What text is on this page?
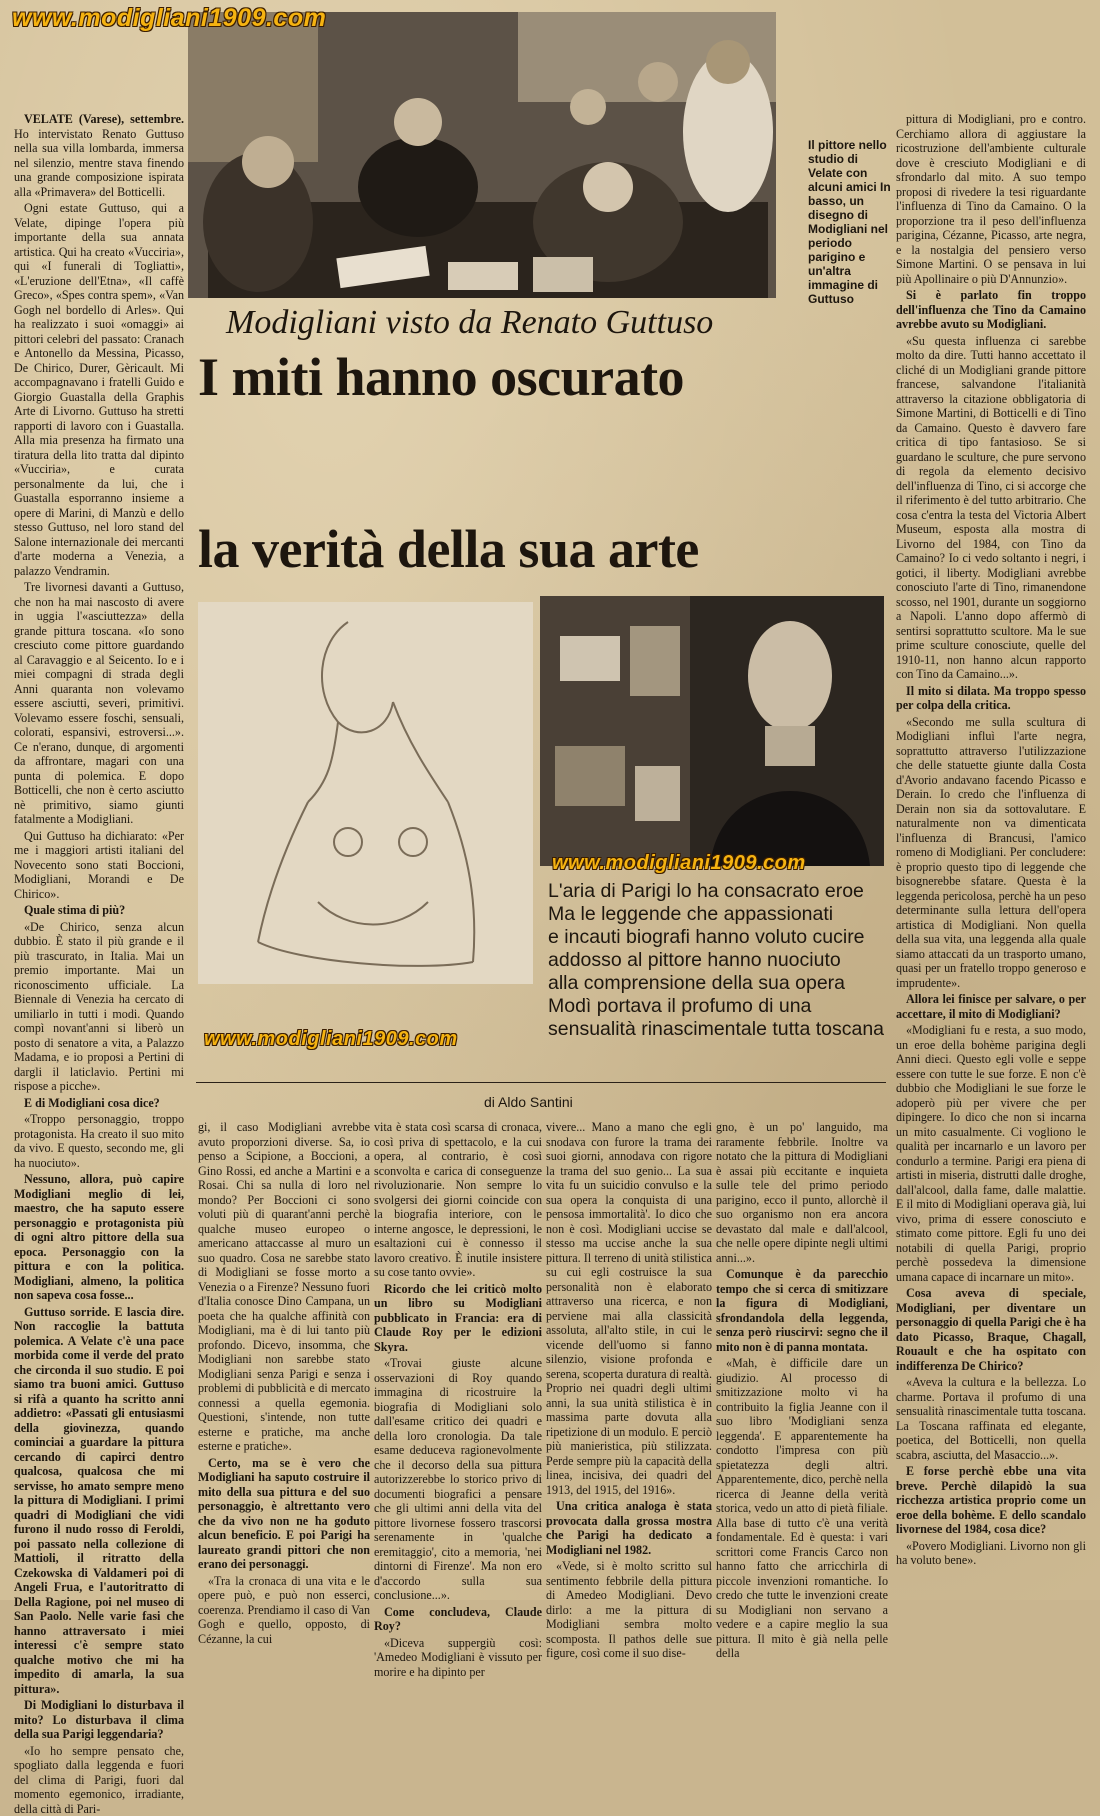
Il pittore nello studio di Velate con alcuni amici In basso, un disegno di Modigliani nel periodo parigino e un'altra immagine di Guttuso

VELATE (Varese), settembre. Ho intervistato Renato Guttuso nella sua villa lombarda, immersa nel silenzio, mentre stava finendo una grande composizione ispirata alla «Primavera» del Botticelli.

Ogni estate Guttuso, qui a Velate, dipinge l'opera più importante della sua annata artistica. Qui ha creato «Vucciria», qui «I funerali di Togliatti», «L'eruzione dell'Etna», «Il caffè Greco», «Spes contra spem», «Van Gogh nel bordello di Arles». Qui ha realizzato i suoi «omaggi» ai pittori celebri del passato: Cranach e Antonello da Messina, Picasso, De Chirico, Durer, Gèricault. Mi accompagnavano i fratelli Guido e Giorgio Guastalla della Graphis Arte di Livorno. Guttuso ha stretti rapporti di lavoro con i Guastalla. Alla mia presenza ha firmato una tiratura della lito tratta dal dipinto «Vucciria», e curata personalmente da lui, che i Guastalla esporranno insieme a opere di Marini, di Manzù e dello stesso Guttuso, nel loro stand del Salone internazionale dei mercanti d'arte moderna a Venezia, a palazzo Vendramin.

Tre livornesi davanti a Guttuso, che non ha mai nascosto di avere in uggia l'«asciuttezza» della grande pittura toscana. «Io sono cresciuto come pittore guardando al Caravaggio e al Seicento. Io e i miei compagni di strada degli Anni quaranta non volevamo essere asciutti, severi, primitivi. Volevamo essere foschi, sensuali, colorati, espansivi, estroversi...». Ce n'erano, dunque, di argomenti da affrontare, magari con una punta di polemica. E dopo Botticelli, che non è certo asciutto nè primitivo, siamo giunti fatalmente a Modigliani.

Qui Guttuso ha dichiarato: «Per me i maggiori artisti italiani del Novecento sono stati Boccioni, Modigliani, Morandi e De Chirico».

Quale stima di più?

«De Chirico, senza alcun dubbio. È stato il più grande e il più trascurato, in Italia. Mai un premio importante. Mai un riconoscimento ufficiale. La Biennale di Venezia ha cercato di umiliarlo in tutti i modi. Quando compì novant'anni si liberò un posto di senatore a vita, a Palazzo Madama, e io proposi a Pertini di dargli il laticlavio. Pertini mi rispose a picche».

E di Modigliani cosa dice?

«Troppo personaggio, troppo protagonista. Ha creato il suo mito da vivo. E questo, secondo me, gli ha nuociuto».

Nessuno, allora, può capire Modigliani meglio di lei, maestro, che ha saputo essere personaggio e protagonista più di ogni altro pittore della sua epoca. Personaggio con la pittura e con la politica. Modigliani, almeno, la politica non sapeva cosa fosse...

Guttuso sorride. E lascia dire. Non raccoglie la battuta polemica. A Velate c'è una pace morbida come il verde del prato che circonda il suo studio. E poi siamo tra buoni amici. Guttuso si rifà a quanto ha scritto anni addietro: «Passati gli entusiasmi della giovinezza, quando cominciai a guardare la pittura cercando di capirci dentro qualcosa, qualcosa che mi servisse, ho amato sempre meno la pittura di Modigliani. I primi quadri di Modigliani che vidi furono il nudo rosso di Feroldi, poi passato nella collezione di Mattioli, il ritratto della Czekowska di Valdameri poi di Angeli Frua, e l'autoritratto di Della Ragione, poi nel museo di San Paolo. Nelle varie fasi che hanno attraversato i miei interessi c'è sempre stato qualche motivo che mi ha impedito di amarla, la sua pittura».

Di Modigliani lo disturbava il mito? Lo disturbava il clima della sua Parigi leggendaria?

«Io ho sempre pensato che, spogliato dalla leggenda e fuori del clima di Parigi, fuori dal momento egemonico, irradiante, della città di Pari-

Modigliani visto da Renato Guttuso
I miti hanno oscurato
la verità della sua arte
L'aria di Parigi lo ha consacrato eroe
Ma le leggende che appassionati
e incauti biografi hanno voluto cucire
addosso al pittore hanno nuociuto
alla comprensione della sua opera
Modì portava il profumo di una
sensualità rinascimentale tutta toscana
di Aldo Santini

pittura di Modigliani, pro e contro. Cerchiamo allora di aggiustare la ricostruzione dell'ambiente culturale dove è cresciuto Modigliani e di sfrondarlo dal mito. A suo tempo proposi di rivedere la tesi riguardante l'influenza di Tino da Camaino. O la proporzione tra il peso dell'influenza parigina, Cézanne, Picasso, arte negra, e la nostalgia del pensiero verso Simone Martini. O se pensava in lui più Apollinaire o più D'Annunzio».

Si è parlato fin troppo dell'influenza che Tino da Camaino avrebbe avuto su Modigliani.

«Su questa influenza ci sarebbe molto da dire. Tutti hanno accettato il cliché di un Modigliani grande pittore francese, salvandone l'italianità attraverso la citazione obbligatoria di Simone Martini, di Botticelli e di Tino da Camaino. Questo è davvero fare critica di tipo fantasioso. Se si guardano le sculture, che pure servono di regola da elemento decisivo dell'influenza di Tino, ci si accorge che il riferimento è del tutto arbitrario. Che cosa c'entra la testa del Victoria Albert Museum, esposta alla mostra di Livorno del 1984, con Tino da Camaino? Io ci vedo soltanto i negri, i gotici, il liberty. Modigliani avrebbe conosciuto l'arte di Tino, rimanendone scosso, nel 1901, durante un soggiorno a Napoli. L'anno dopo affermò di sentirsi soprattutto scultore. Ma le sue prime sculture conosciute, quelle del 1910-11, non hanno alcun rapporto con Tino da Camaino...».

Il mito si dilata. Ma troppo spesso per colpa della critica.

«Secondo me sulla scultura di Modigliani influì l'arte negra, soprattutto attraverso l'utilizzazione che delle statuette giunte dalla Costa d'Avorio andavano facendo Picasso e Derain. Io credo che l'influenza di Derain non sia da sottovalutare. E naturalmente non va dimenticata l'influenza di Brancusi, l'amico romeno di Modigliani. Per concludere: è proprio questo tipo di leggende che bisognerebbe sfatare. Questa è la leggenda pericolosa, perchè ha un peso determinante sulla lettura dell'opera artistica di Modigliani. Non quella della sua vita, una leggenda alla quale siamo attaccati da un trasporto umano, quasi per un fratello troppo generoso e imprudente».

Allora lei finisce per salvare, o per accettare, il mito di Modigliani?

«Modigliani fu e resta, a suo modo, un eroe della bohème parigina degli Anni dieci. Questo egli volle e seppe essere con tutte le sue forze. E non c'è dubbio che Modigliani le sue forze le adoperò più per vivere che per dipingere. Io dico che non si incarna un mito casualmente. Ci vogliono le qualità per incarnarlo e un lavoro per condurlo a termine. Parigi era piena di artisti in miseria, distrutti dalle droghe, dall'alcool, dalla fame, dalle malattie. E il mito di Modigliani operava già, lui vivo, prima di essere conosciuto e stimato come pittore. Egli fu uno dei notabili di quella Parigi, proprio perchè possedeva la dimensione umana capace di incarnare un mito».

Cosa aveva di speciale, Modigliani, per diventare un personaggio di quella Parigi che è ha dato Picasso, Braque, Chagall, Rouault e che ha ospitato con indifferenza De Chirico?

«Aveva la cultura e la bellezza. Lo charme. Portava il profumo di una sensualità rinascimentale tutta toscana. La Toscana raffinata ed elegante, poetica, del Botticelli, non quella scabra, asciutta, del Masaccio...».

E forse perchè ebbe una vita breve. Perchè dilapidò la sua ricchezza artistica proprio come un eroe della bohème. E dello scandalo livornese del 1984, cosa dice?

«Povero Modigliani. Livorno non gli ha voluto bene».

gi, il caso Modigliani avrebbe avuto proporzioni diverse. Sa, io penso a Scipione, a Boccioni, a Gino Rossi, ed anche a Martini e a Rosai. Chi sa nulla di loro nel mondo? Per Boccioni ci sono voluti più di quarant'anni perchè qualche museo europeo o americano attaccasse al muro un suo quadro. Cosa ne sarebbe stato di Modigliani se fosse morto a Venezia o a Firenze? Nessuno fuori d'Italia conosce Dino Campana, un poeta che ha qualche affinità con Modigliani, ma è di lui tanto più profondo. Dicevo, insomma, che Modigliani non sarebbe stato Modigliani senza Parigi e senza i problemi di pubblicità e di mercato connessi a quella egemonia. Questioni, s'intende, non tutte esterne e pratiche, ma anche esterne e pratiche».

Certo, ma se è vero che Modigliani ha saputo costruire il mito della sua pittura e del suo personaggio, è altrettanto vero che da vivo non ne ha goduto alcun beneficio. E poi Parigi ha laureato grandi pittori che non erano dei personaggi.

«Tra la cronaca di una vita e le opere può, e può non esserci, coerenza. Prendiamo il caso di Van Gogh e quello, opposto, di Cézanne, la cui

vita è stata così scarsa di cronaca, così priva di spettacolo, e la cui opera, al contrario, è così sconvolta e carica di conseguenze rivoluzionarie. Non sempre lo svolgersi dei giorni coincide con la biografia interiore, con le interne angosce, le depressioni, le esaltazioni cui è connesso il lavoro creativo. È inutile insistere su cose tanto ovvie».

Ricordo che lei criticò molto un libro su Modigliani pubblicato in Francia: era di Claude Roy per le edizioni Skyra.

«Trovai giuste alcune osservazioni di Roy quando immagina di ricostruire la biografia di Modigliani solo dall'esame critico dei quadri e della loro cronologia. Da tale esame deduceva ragionevolmente che il decorso della sua pittura autorizzerebbe lo storico privo di documenti biografici a pensare che gli ultimi anni della vita del pittore livornese fossero trascorsi serenamente in 'qualche eremitaggio', cito a memoria, 'nei dintorni di Firenze'. Ma non ero d'accordo sulla sua conclusione...».

Come concludeva, Claude Roy?

«Diceva suppergiù così: 'Amedeo Modigliani è vissuto per morire e ha dipinto per

vivere... Mano a mano che egli snodava con furore la trama dei suoi giorni, annodava con rigore la trama del suo genio... La sua vita fu un suicidio convulso e la sua opera la conquista di una pensosa immortalità'. Io dico che non è così. Modigliani uccise se stesso ma uccise anche la sua pittura. Il terreno di unità stilistica su cui egli costruisce la sua personalità non è elaborato attraverso una ricerca, e non perviene mai alla classicità assoluta, all'alto stile, in cui le vicende dell'uomo si fanno silenzio, visione profonda e serena, scoperta duratura di realtà. Proprio nei quadri degli ultimi anni, la sua unità stilistica è in massima parte dovuta alla ripetizione di un modulo. E perciò più manieristica, più stilizzata. Perde sempre più la capacità della linea, incisiva, dei quadri del 1913, del 1915, del 1916».

Una critica analoga è stata provocata dalla grossa mostra che Parigi ha dedicato a Modigliani nel 1982.

«Vede, si è molto scritto sul sentimento febbrile della pittura di Amedeo Modigliani. Devo dirlo: a me la pittura di Modigliani sembra molto scomposta. Il pathos delle sue figure, così come il suo dise-

gno, è un po' languido, ma raramente febbrile. Inoltre va notato che la pittura di Modigliani è assai più eccitante e inquieta sulle tele del primo periodo parigino, ecco il punto, allorchè il suo organismo non era ancora devastato dal male e dall'alcool, che nelle opere dipinte negli ultimi anni...».

Comunque è da parecchio tempo che si cerca di smitizzare la figura di Modigliani, sfrondandola della leggenda, senza però riuscirvi: segno che il mito non è di panna montata.

«Mah, è difficile dare un giudizio. Al processo di smitizzazione molto vi ha contribuito la figlia Jeanne con il suo libro 'Modigliani senza leggenda'. E apparentemente ha condotto l'impresa con più spietatezza degli altri. Apparentemente, dico, perchè nella ricerca di Jeanne della verità storica, vedo un atto di pietà filiale. Alla base di tutto c'è una verità fondamentale. Ed è questa: i vari scrittori come Francis Carco non hanno fatto che arricchirla di piccole invenzioni romantiche. Io credo che tutte le invenzioni create su Modigliani non servano a vedere e a capire meglio la sua pittura. Il mito è già nella pelle della

www.modigliani1909.com
www.modigliani1909.com
www.modigliani1909.com
